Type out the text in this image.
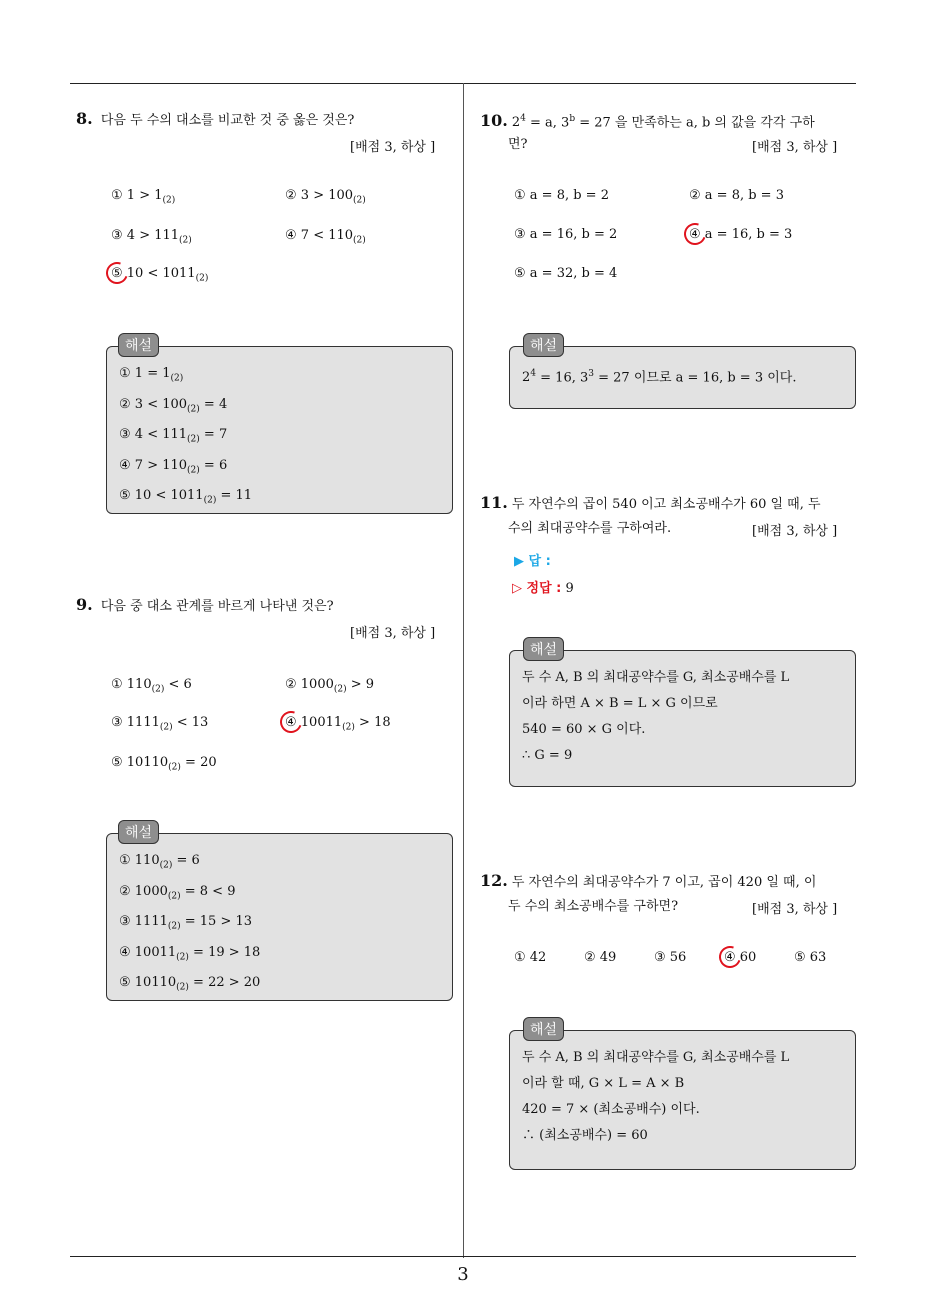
3
8. 다음 두 수의 대소를 비교한 것 중 옳은 것은?
[배점 3, 하상 ]
① $1 > 1_{(2)}$	② $3 > 100_{(2)}$
③ $4 > 111_{(2)}$	④ $7 < 110_{(2)}$
⑤ $10 < 1011_{(2)}$
① $1 = 1_{(2)}$
② $3 < 100_{(2)} = 4$
③ $4 < 111_{(2)} = 7$
④ $7 > 110_{(2)} = 6$
⑤ $10 < 1011_{(2)} = 11$
해설
9. 다음 중 대소 관계를 바르게 나타낸 것은?
[배점 3, 하상 ]
① $110_{(2)} < 6$	② $1000_{(2)} > 9$
③ $1111_{(2)} < 13$	④ $10011_{(2)} > 18$
⑤ $10110_{(2)} = 20$
① $110_{(2)} = 6$
② $1000_{(2)} = 8 < 9$
③ $1111_{(2)} = 15 > 13$
④ $10011_{(2)} = 19 > 18$
⑤ $10110_{(2)} = 22 > 20$
해설
10. $2^4 = a$, $3^b = 27$ 을 만족하는 a, b 의 값을 각각 구하
면?	[배점 3, 하상 ]
① a = 8, b = 2	② a = 8, b = 3
③ a = 16, b = 2	④ a = 16, b = 3
⑤ a = 32, b = 4
$2^4 = 16$, $3^3 = 27$ 이므로 a = 16, b = 3 이다.
해설
11. 두 자연수의 곱이 540 이고 최소공배수가 60 일 때, 두
수의 최대공약수를 구하여라.	[배점 3, 하상 ]
▶ 답 :
▷ 정답 : 9
두 수 A, B 의 최대공약수를 G, 최소공배수를 L
이라 하면 A × B = L × G 이므로
540 = 60 × G 이다.
∴ G = 9
해설
12. 두 자연수의 최대공약수가 7 이고, 곱이 420 일 때, 이
두 수의 최소공배수를 구하면?	[배점 3, 하상 ]
① 42	② 49	③ 56	④ 60	⑤ 63
두 수 A, B 의 최대공약수를 G, 최소공배수를 L
이라 할 때, G × L = A × B
420 = 7 × (최소공배수) 이다.
∴ (최소공배수) = 60
해설
